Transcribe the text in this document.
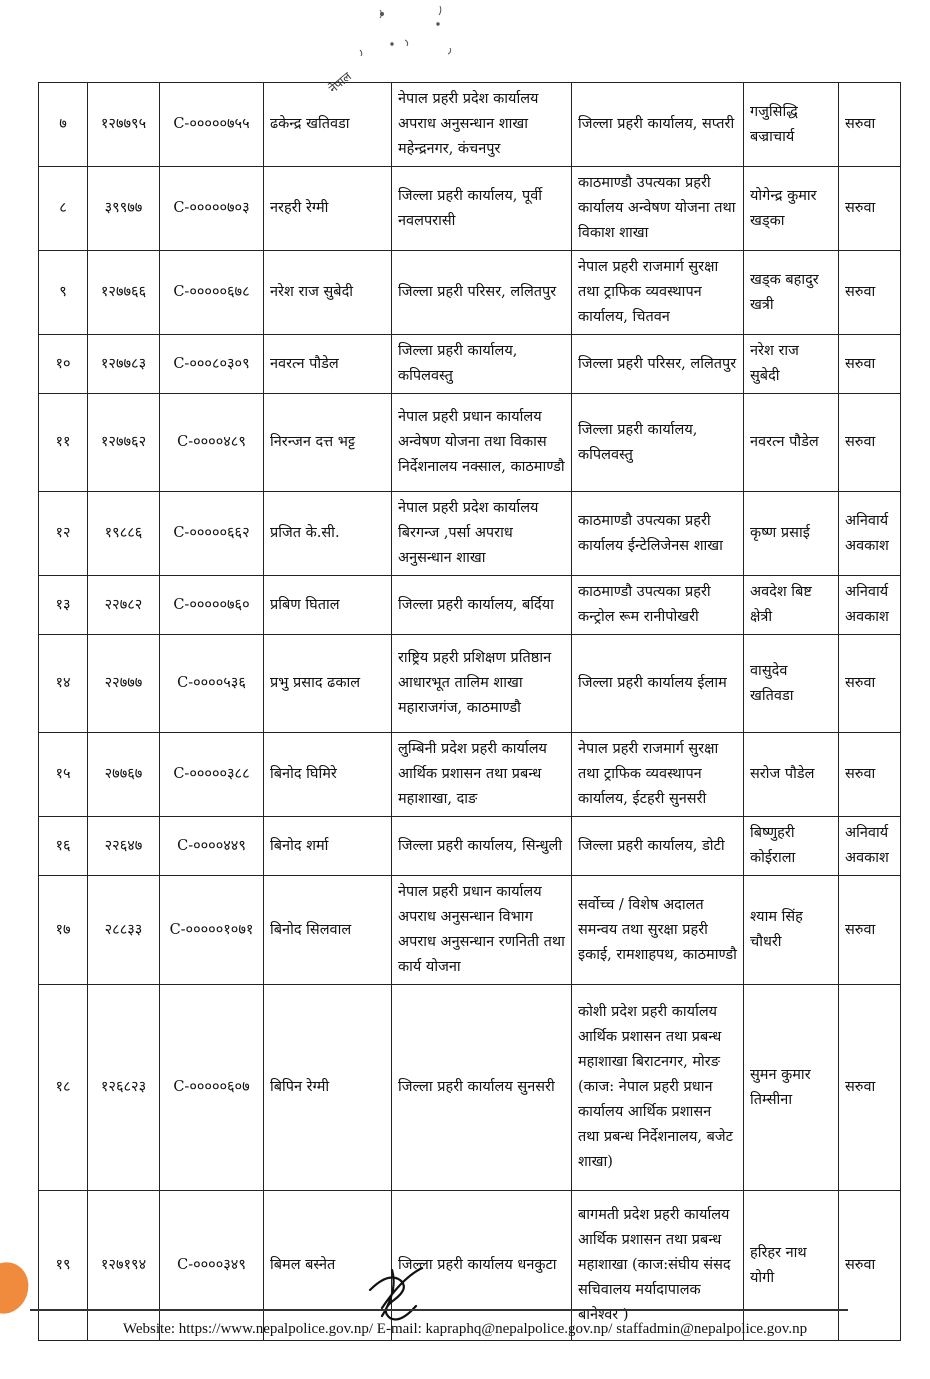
नेपाल
७	१२७७९५	C-०००००७५५	ढकेन्द्र खतिवडा	नेपाल प्रहरी प्रदेश कार्यालय अपराध अनुसन्धान शाखा महेन्द्रनगर, कंचनपुर	जिल्ला प्रहरी कार्यालय, सप्तरी	गजुसिद्धि बज्राचार्य	सरुवा
८	३९९७७	C-०००००७०३	नरहरी रेग्मी	जिल्ला प्रहरी कार्यालय, पूर्वी नवलपरासी	काठमाण्डौ उपत्यका प्रहरी कार्यालय अन्वेषण योजना तथा विकाश शाखा	योगेन्द्र कुमार खड्का	सरुवा
९	१२७७६६	C-०००००६७८	नरेश राज सुबेदी	जिल्ला प्रहरी परिसर, ललितपुर	नेपाल प्रहरी राजमार्ग सुरक्षा तथा ट्राफिक व्यवस्थापन कार्यालय, चितवन	खड्क बहादुर खत्री	सरुवा
१०	१२७७८३	C-०००८०३०९	नवरत्न पौडेल	जिल्ला प्रहरी कार्यालय, कपिलवस्तु	जिल्ला प्रहरी परिसर, ललितपुर	नरेश राज सुबेदी	सरुवा
११	१२७७६२	C-००००४८९	निरन्जन दत्त भट्ट	नेपाल प्रहरी प्रधान कार्यालय अन्वेषण योजना तथा विकास निर्देशनालय नक्साल, काठमाण्डौ	जिल्ला प्रहरी कार्यालय, कपिलवस्तु	नवरत्न पौडेल	सरुवा
१२	१९८८६	C-०००००६६२	प्रजित के.सी.	नेपाल प्रहरी प्रदेश कार्यालय बिरगन्ज ,पर्सा अपराध अनुसन्धान शाखा	काठमाण्डौ उपत्यका प्रहरी कार्यालय ईन्टेलिजेनस शाखा	कृष्ण प्रसाई	अनिवार्य अवकाश
१३	२२७८२	C-०००००७६०	प्रबिण घिताल	जिल्ला प्रहरी कार्यालय, बर्दिया	काठमाण्डौ उपत्यका प्रहरी कन्ट्रोल रूम रानीपोखरी	अवदेश बिष्ट क्षेत्री	अनिवार्य अवकाश
१४	२२७७७	C-००००५३६	प्रभु प्रसाद ढकाल	राष्ट्रिय प्रहरी प्रशिक्षण प्रतिष्ठान आधारभूत तालिम शाखा महाराजगंज, काठमाण्डौ	जिल्ला प्रहरी कार्यालय ईलाम	वासुदेव खतिवडा	सरुवा
१५	२७७६७	C-०००००३८८	बिनोद घिमिरे	लुम्बिनी प्रदेश प्रहरी कार्यालय आर्थिक प्रशासन तथा प्रबन्ध महाशाखा, दाङ	नेपाल प्रहरी राजमार्ग सुरक्षा तथा ट्राफिक व्यवस्थापन कार्यालय, ईटहरी सुनसरी	सरोज पौडेल	सरुवा
१६	२२६४७	C-००००४४९	बिनोद शर्मा	जिल्ला प्रहरी कार्यालय, सिन्धुली	जिल्ला प्रहरी कार्यालय, डोटी	बिष्णुहरी कोईराला	अनिवार्य अवकाश
१७	२८८३३	C-०००००१०७१	बिनोद सिलवाल	नेपाल प्रहरी प्रधान कार्यालय अपराध अनुसन्धान विभाग अपराध अनुसन्धान रणनिती तथा कार्य योजना	सर्वोच्च / विशेष अदालत समन्वय तथा सुरक्षा प्रहरी इकाई, रामशाहपथ, काठमाण्डौ	श्याम सिंह चौधरी	सरुवा
१८	१२६८२३	C-०००००६०७	बिपिन रेग्मी	जिल्ला प्रहरी कार्यालय सुनसरी	कोशी प्रदेश प्रहरी कार्यालय आर्थिक प्रशासन तथा प्रबन्ध महाशाखा बिराटनगर, मोरङ (काज: नेपाल प्रहरी प्रधान कार्यालय आर्थिक प्रशासन तथा प्रबन्ध निर्देशनालय, बजेट शाखा)	सुमन कुमार तिम्सीना	सरुवा
१९	१२७१९४	C-००००३४९	बिमल बस्नेत	जिल्ला प्रहरी कार्यालय धनकुटा	बागमती प्रदेश प्रहरी कार्यालय आर्थिक प्रशासन तथा प्रबन्ध महाशाखा (काज:संघीय संसद सचिवालय मर्यादापालक बानेश्वर )	हरिहर नाथ योगी	सरुवा
Website: https://www.nepalpolice.gov.np/ E-mail: kapraphq@nepalpolice.gov.np/ staffadmin@nepalpolice.gov.np
